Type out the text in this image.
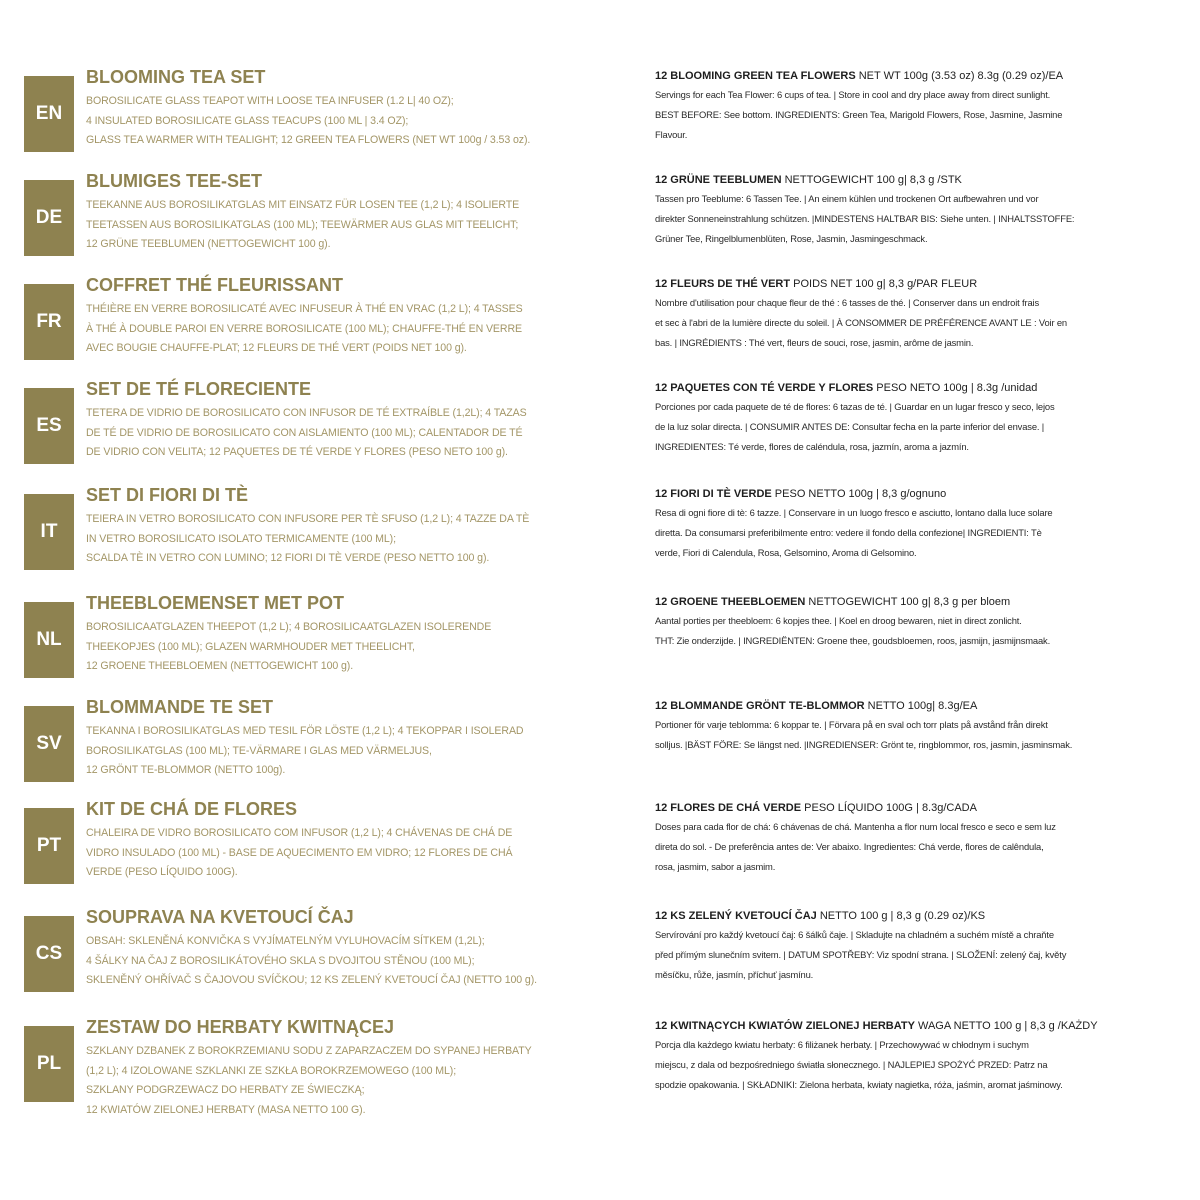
EN
BLOOMING TEA SET
BOROSILICATE GLASS TEAPOT WITH LOOSE TEA INFUSER (1.2 L| 40 OZ);
4 INSULATED BOROSILICATE GLASS TEACUPS (100 ML | 3.4 OZ);
GLASS TEA WARMER WITH TEALIGHT; 12 GREEN TEA FLOWERS (NET WT 100g / 3.53 oz).
12 BLOOMING GREEN TEA FLOWERS NET WT 100g (3.53 oz) 8.3g (0.29 oz)/EA
Servings for each Tea Flower: 6 cups of tea. | Store in cool and dry place away from direct sunlight.
BEST BEFORE: See bottom. INGREDIENTS: Green Tea, Marigold Flowers, Rose, Jasmine, Jasmine
Flavour.
DE
BLUMIGES TEE-SET
TEEKANNE AUS BOROSILIKATGLAS MIT EINSATZ FÜR LOSEN TEE (1,2 L); 4 ISOLIERTE
TEETASSEN AUS BOROSILIKATGLAS (100 ML); TEEWÄRMER AUS GLAS MIT TEELICHT;
12 GRÜNE TEEBLUMEN (NETTOGEWICHT 100 g).
12 GRÜNE TEEBLUMEN NETTOGEWICHT 100 g| 8,3 g /STK
Tassen pro Teeblume: 6 Tassen Tee. | An einem kühlen und trockenen Ort aufbewahren und vor
direkter Sonneneinstrahlung schützen. |MINDESTENS HALTBAR BIS: Siehe unten. | INHALTSSTOFFE:
Grüner Tee, Ringelblumenblüten, Rose, Jasmin, Jasmingeschmack.
FR
COFFRET THÉ FLEURISSANT
THÉIÈRE EN VERRE BOROSILICATÉ AVEC INFUSEUR À THÉ EN VRAC (1,2 L); 4 TASSES
À THÉ À DOUBLE PAROI EN VERRE BOROSILICATE (100 ML); CHAUFFE-THÉ EN VERRE
AVEC BOUGIE CHAUFFE-PLAT; 12 FLEURS DE THÉ VERT (POIDS NET 100 g).
12 FLEURS DE THÉ VERT POIDS NET 100 g| 8,3 g/PAR FLEUR
Nombre d'utilisation pour chaque fleur de thé : 6 tasses de thé. | Conserver dans un endroit frais
et sec à l'abri de la lumière directe du soleil. | À CONSOMMER DE PRÉFÉRENCE AVANT LE : Voir en
bas. | INGRÉDIENTS : Thé vert, fleurs de souci, rose, jasmin, arôme de jasmin.
ES
SET DE TÉ FLORECIENTE
TETERA DE VIDRIO DE BOROSILICATO CON INFUSOR DE TÉ EXTRAÍBLE (1,2L); 4 TAZAS
DE TÉ DE VIDRIO DE BOROSILICATO CON AISLAMIENTO (100 ML); CALENTADOR DE TÉ
DE VIDRIO CON VELITA; 12 PAQUETES DE TÉ VERDE Y FLORES (PESO NETO 100 g).
12 PAQUETES CON TÉ VERDE Y FLORES PESO NETO 100g | 8.3g /unidad
Porciones por cada paquete de té de flores: 6 tazas de té. | Guardar en un lugar fresco y seco, lejos
de la luz solar directa. | CONSUMIR ANTES DE: Consultar fecha en la parte inferior del envase. |
INGREDIENTES: Té verde, flores de caléndula, rosa, jazmín, aroma a jazmín.
IT
SET DI FIORI DI TÈ
TEIERA IN VETRO BOROSILICATO CON INFUSORE PER TÈ SFUSO (1,2 L); 4 TAZZE DA TÈ
IN VETRO BOROSILICATO ISOLATO TERMICAMENTE (100 ML);
SCALDA TÈ IN VETRO CON LUMINO; 12 FIORI DI TÈ VERDE (PESO NETTO 100 g).
12 FIORI DI TÈ VERDE PESO NETTO 100g | 8,3 g/ognuno
Resa di ogni fiore di tè: 6 tazze. | Conservare in un luogo fresco e asciutto, lontano dalla luce solare
diretta. Da consumarsi preferibilmente entro: vedere il fondo della confezione| INGREDIENTI: Tè
verde, Fiori di Calendula, Rosa, Gelsomino, Aroma di Gelsomino.
NL
THEEBLOEMENSET MET POT
BOROSILICAATGLAZEN THEEPOT (1,2 L); 4 BOROSILICAATGLAZEN ISOLERENDE
THEEKOPJES (100 ML); GLAZEN WARMHOUDER MET THEELICHT,
12 GROENE THEEBLOEMEN (NETTOGEWICHT 100 g).
12 GROENE THEEBLOEMEN NETTOGEWICHT 100 g| 8,3 g per bloem
Aantal porties per theebloem: 6 kopjes thee. | Koel en droog bewaren, niet in direct zonlicht.
THT: Zie onderzijde. | INGREDIËNTEN: Groene thee, goudsbloemen, roos, jasmijn, jasmijnsmaak.
SV
BLOMMANDE TE SET
TEKANNA I BOROSILIKATGLAS MED TESIL FÖR LÖSTE (1,2 L); 4 TEKOPPAR I ISOLERAD
BOROSILIKATGLAS (100 ML); TE-VÄRMARE I GLAS MED VÄRMELJUS,
12 GRÖNT TE-BLOMMOR (NETTO 100g).
12 BLOMMANDE GRÖNT TE-BLOMMOR NETTO 100g| 8.3g/EA
Portioner för varje teblomma: 6 koppar te. | Förvara på en sval och torr plats på avstånd från direkt
solljus. |BÄST FÖRE: Se längst ned. |INGREDIENSER: Grönt te, ringblommor, ros, jasmin, jasminsmak.
PT
KIT DE CHÁ DE FLORES
CHALEIRA DE VIDRO BOROSILICATO COM INFUSOR (1,2 L); 4 CHÁVENAS DE CHÁ DE
VIDRO INSULADO (100 ML) - BASE DE AQUECIMENTO EM VIDRO; 12 FLORES DE CHÁ
VERDE (PESO LÍQUIDO 100G).
12 FLORES DE CHÁ VERDE PESO LÍQUIDO 100G | 8.3g/CADA
Doses para cada flor de chá: 6 chávenas de chá. Mantenha a flor num local fresco e seco e sem luz
direta do sol. - De preferência antes de: Ver abaixo. Ingredientes: Chá verde, flores de calêndula,
rosa, jasmim, sabor a jasmim.
CS
SOUPRAVA NA KVETOUCÍ ČAJ
OBSAH: SKLENĚNÁ KONVIČKA S VYJÍMATELNÝM VYLUHOVACÍM SÍTKEM (1,2L);
4 ŠÁLKY NA ČAJ Z BOROSILIKÁTOVÉHO SKLA S DVOJITOU STĚNOU (100 ML);
SKLENĚNÝ OHŘÍVAČ S ČAJOVOU SVÍČKOU; 12 KS ZELENÝ KVETOUCÍ ČAJ (NETTO 100 g).
12 KS ZELENÝ KVETOUCÍ ČAJ NETTO 100 g | 8,3 g (0.29 oz)/KS
Servírování pro každý kvetoucí čaj: 6 šálků čaje. | Skladujte na chladném a suchém místě a chraňte
před přímým slunečním svitem. | DATUM SPOTŘEBY: Viz spodní strana. | SLOŽENÍ: zelený čaj, květy
měsíčku, růže, jasmín, příchuť jasmínu.
PL
ZESTAW DO HERBATY KWITNĄCEJ
SZKLANY DZBANEK Z BOROKRZEMIANU SODU Z ZAPARZACZEM DO SYPANEJ HERBATY
(1,2 L); 4 IZOLOWANE SZKLANKI ZE SZKŁA BOROKRZEMOWEGO (100 ML);
SZKLANY PODGRZEWACZ DO HERBATY ZE ŚWIECZKĄ;
12 KWIATÓW ZIELONEJ HERBATY (MASA NETTO 100 G).
12 KWITNĄCYCH KWIATÓW ZIELONEJ HERBATY WAGA NETTO 100 g | 8,3 g /KAŻDY
Porcja dla każdego kwiatu herbaty: 6 filiżanek herbaty. | Przechowywać w chłodnym i suchym
miejscu, z dala od bezpośredniego światła słonecznego. | NAJLEPIEJ SPOŻYĆ PRZED: Patrz na
spodzie opakowania. | SKŁADNIKI: Zielona herbata, kwiaty nagietka, róża, jaśmin, aromat jaśminowy.
